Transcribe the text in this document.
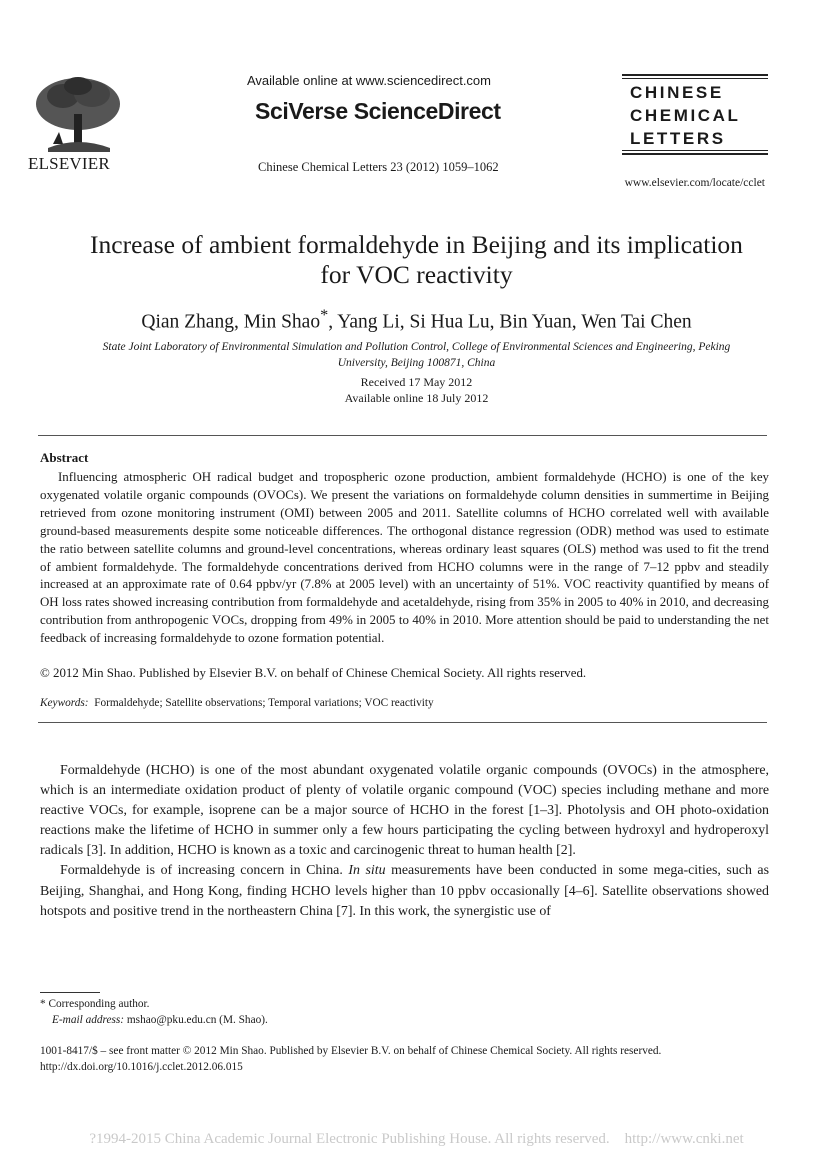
ELSEVIER
Available online at www.sciencedirect.com
SciVerse ScienceDirect
Chinese Chemical Letters 23 (2012) 1059–1062
CHINESE
CHEMICAL
LETTERS
www.elsevier.com/locate/cclet
Increase of ambient formaldehyde in Beijing and its implication
for VOC reactivity
Qian Zhang, Min Shao*, Yang Li, Si Hua Lu, Bin Yuan, Wen Tai Chen
State Joint Laboratory of Environmental Simulation and Pollution Control, College of Environmental Sciences and Engineering, Peking
University, Beijing 100871, China
Received 17 May 2012
Available online 18 July 2012
Abstract
Influencing atmospheric OH radical budget and tropospheric ozone production, ambient formaldehyde (HCHO) is one of the key oxygenated volatile organic compounds (OVOCs). We present the variations on formaldehyde column densities in summertime in Beijing retrieved from ozone monitoring instrument (OMI) between 2005 and 2011. Satellite columns of HCHO correlated well with available ground-based measurements despite some noticeable differences. The orthogonal distance regression (ODR) method was used to estimate the ratio between satellite columns and ground-level concentrations, whereas ordinary least squares (OLS) method was used to fit the trend of ambient formaldehyde. The formaldehyde concentrations derived from HCHO columns were in the range of 7–12 ppbv and steadily increased at an approximate rate of 0.64 ppbv/yr (7.8% at 2005 level) with an uncertainty of 51%. VOC reactivity quantified by means of OH loss rates showed increasing contribution from formaldehyde and acetaldehyde, rising from 35% in 2005 to 40% in 2010, and decreasing contribution from anthropogenic VOCs, dropping from 49% in 2005 to 40% in 2010. More attention should be paid to understanding the net feedback of increasing formaldehyde to ozone formation potential.
© 2012 Min Shao. Published by Elsevier B.V. on behalf of Chinese Chemical Society. All rights reserved.
Keywords: Formaldehyde; Satellite observations; Temporal variations; VOC reactivity

Formaldehyde (HCHO) is one of the most abundant oxygenated volatile organic compounds (OVOCs) in the atmosphere, which is an intermediate oxidation product of plenty of volatile organic compound (VOC) species including methane and more reactive VOCs, for example, isoprene can be a major source of HCHO in the forest [1–3]. Photolysis and OH photo-oxidation reactions make the lifetime of HCHO in summer only a few hours participating the cycling between hydroxyl and hydroperoxyl radicals [3]. In addition, HCHO is known as a toxic and carcinogenic threat to human health [2].

Formaldehyde is of increasing concern in China. In situ measurements have been conducted in some mega-cities, such as Beijing, Shanghai, and Hong Kong, finding HCHO levels higher than 10 ppbv occasionally [4–6]. Satellite observations showed hotspots and positive trend in the northeastern China [7]. In this work, the synergistic use of

* Corresponding author.
E-mail address: mshao@pku.edu.cn (M. Shao).
1001-8417/$ – see front matter © 2012 Min Shao. Published by Elsevier B.V. on behalf of Chinese Chemical Society. All rights reserved.
http://dx.doi.org/10.1016/j.cclet.2012.06.015
?1994-2015 China Academic Journal Electronic Publishing House. All rights reserved.    http://www.cnki.net
